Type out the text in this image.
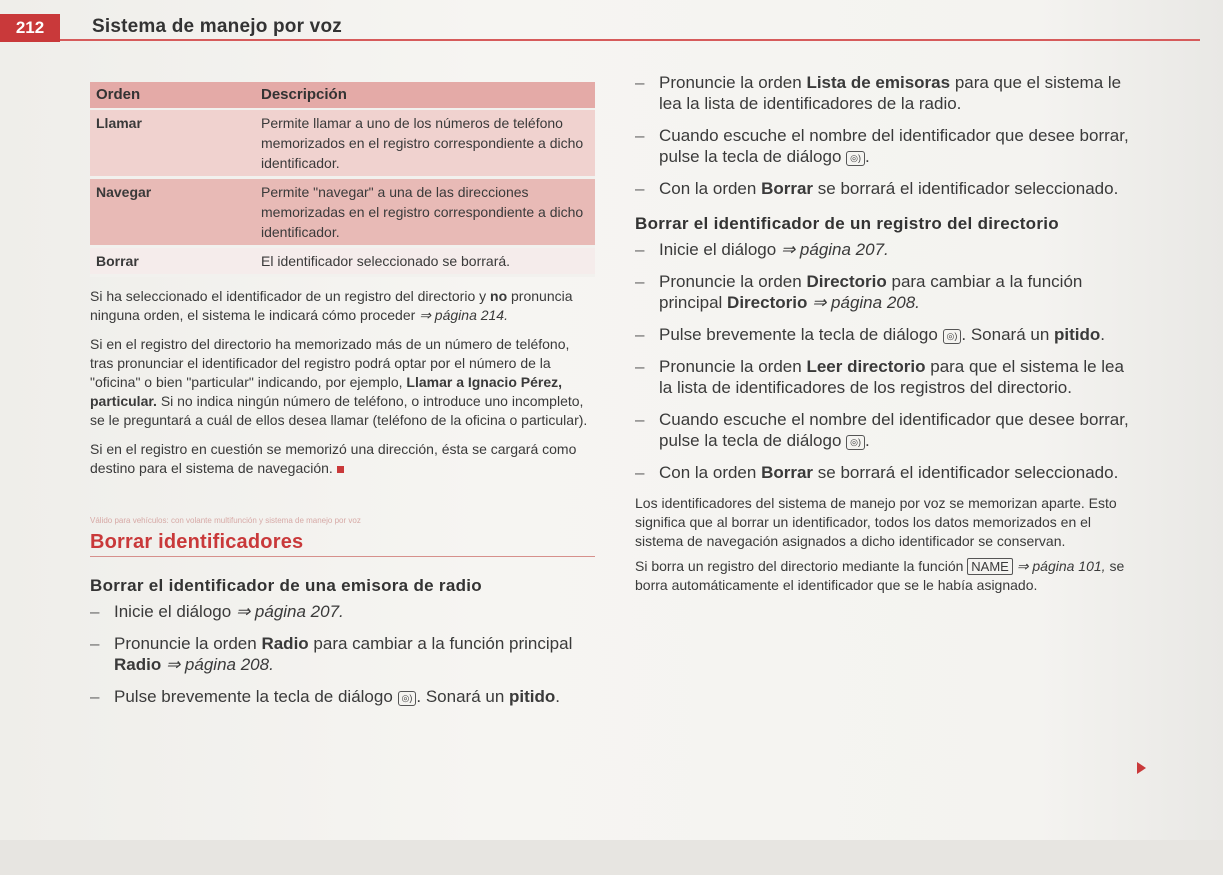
212	Sistema de manejo por voz
Orden	Descripción
Llamar	Permite llamar a uno de los números de teléfono memorizados en el registro correspondiente a dicho identificador.
Navegar	Permite "navegar" a una de las direcciones memorizadas en el registro correspondiente a dicho identificador.
Borrar	El identificador seleccionado se borrará.

Si ha seleccionado el identificador de un registro del directorio y no pronuncia ninguna orden, el sistema le indicará cómo proceder ⇒ página 214.

Si en el registro del directorio ha memorizado más de un número de teléfono, tras pronunciar el identificador del registro podrá optar por el número de la "oficina" o bien "particular" indicando, por ejemplo, Llamar a Ignacio Pérez, particular. Si no indica ningún número de teléfono, o introduce uno incompleto, se le preguntará a cuál de ellos desea llamar (teléfono de la oficina o particular).

Si en el registro en cuestión se memorizó una dirección, ésta se cargará como destino para el sistema de navegación.

Válido para vehículos: con volante multifunción y sistema de manejo por voz
Borrar identificadores
Borrar el identificador de una emisora de radio
– Inicie el diálogo ⇒ página 207.
– Pronuncie la orden Radio para cambiar a la función principal Radio ⇒ página 208.
– Pulse brevemente la tecla de diálogo ◎) . Sonará un pitido.
– Pronuncie la orden Lista de emisoras para que el sistema le lea la lista de identificadores de la radio.
– Cuando escuche el nombre del identificador que desee borrar, pulse la tecla de diálogo ◎) .
– Con la orden Borrar se borrará el identificador seleccionado.
Borrar el identificador de un registro del directorio
– Inicie el diálogo ⇒ página 207.
– Pronuncie la orden Directorio para cambiar a la función principal Directorio ⇒ página 208.
– Pulse brevemente la tecla de diálogo ◎) . Sonará un pitido.
– Pronuncie la orden Leer directorio para que el sistema le lea la lista de identificadores de los registros del directorio.
– Cuando escuche el nombre del identificador que desee borrar, pulse la tecla de diálogo ◎) .
– Con la orden Borrar se borrará el identificador seleccionado.

Los identificadores del sistema de manejo por voz se memorizan aparte. Esto significa que al borrar un identificador, todos los datos memorizados en el sistema de navegación asignados a dicho identificador se conservan.

Si borra un registro del directorio mediante la función NAME ⇒ página 101, se borra automáticamente el identificador que se le había asignado.
